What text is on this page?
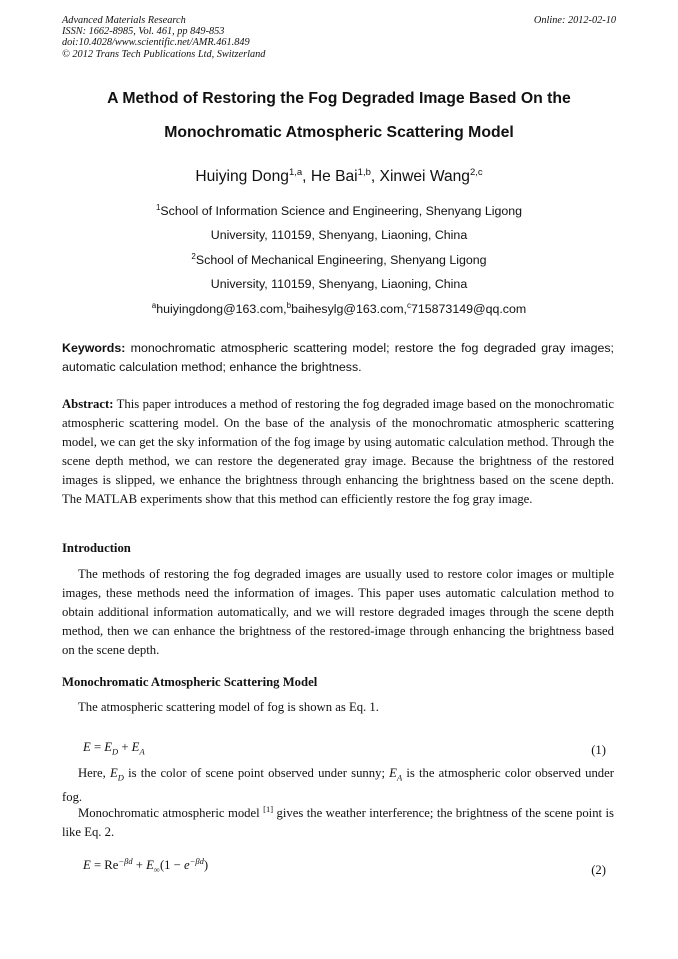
Advanced Materials Research
ISSN: 1662-8985, Vol. 461, pp 849-853
doi:10.4028/www.scientific.net/AMR.461.849
© 2012 Trans Tech Publications Ltd, Switzerland
Online: 2012-02-10
A Method of Restoring the Fog Degraded Image Based On the
Monochromatic Atmospheric Scattering Model
Huiying Dong$^{1,a}$, He Bai$^{1,b}$, Xinwei Wang$^{2,c}$
$^1$School of Information Science and Engineering, Shenyang Ligong
University, 110159, Shenyang, Liaoning, China
$^2$School of Mechanical Engineering, Shenyang Ligong
University, 110159, Shenyang, Liaoning, China
$^a$huiyingdong@163.com,$^b$baihesylg@163.com,$^c$715873149@qq.com
Keywords: monochromatic atmospheric scattering model; restore the fog degraded gray images; automatic calculation method; enhance the brightness.
Abstract: This paper introduces a method of restoring the fog degraded image based on the monochromatic atmospheric scattering model. On the base of the analysis of the monochromatic atmospheric scattering model, we can get the sky information of the fog image by using automatic calculation method. Through the scene depth method, we can restore the degenerated gray image. Because the brightness of the restored images is slipped, we enhance the brightness through enhancing the brightness based on the scene depth. The MATLAB experiments show that this method can efficiently restore the fog gray image.
Introduction
The methods of restoring the fog degraded images are usually used to restore color images or multiple images, these methods need the information of images. This paper uses automatic calculation method to obtain additional information automatically, and we will restore degraded images through the scene depth method, then we can enhance the brightness of the restored-image through enhancing the brightness based on the scene depth.
Monochromatic Atmospheric Scattering Model
The atmospheric scattering model of fog is shown as Eq. 1.
$E = E_D + E_A$	(1)
Here, $E_D$ is the color of scene point observed under sunny; $E_A$ is the atmospheric color observed under fog.
Monochromatic atmospheric model [1] gives the weather interference; the brightness of the scene point is like Eq. 2.
$E = Re^{-\beta d} + E_\infty(1 - e^{-\beta d})$	(2)
